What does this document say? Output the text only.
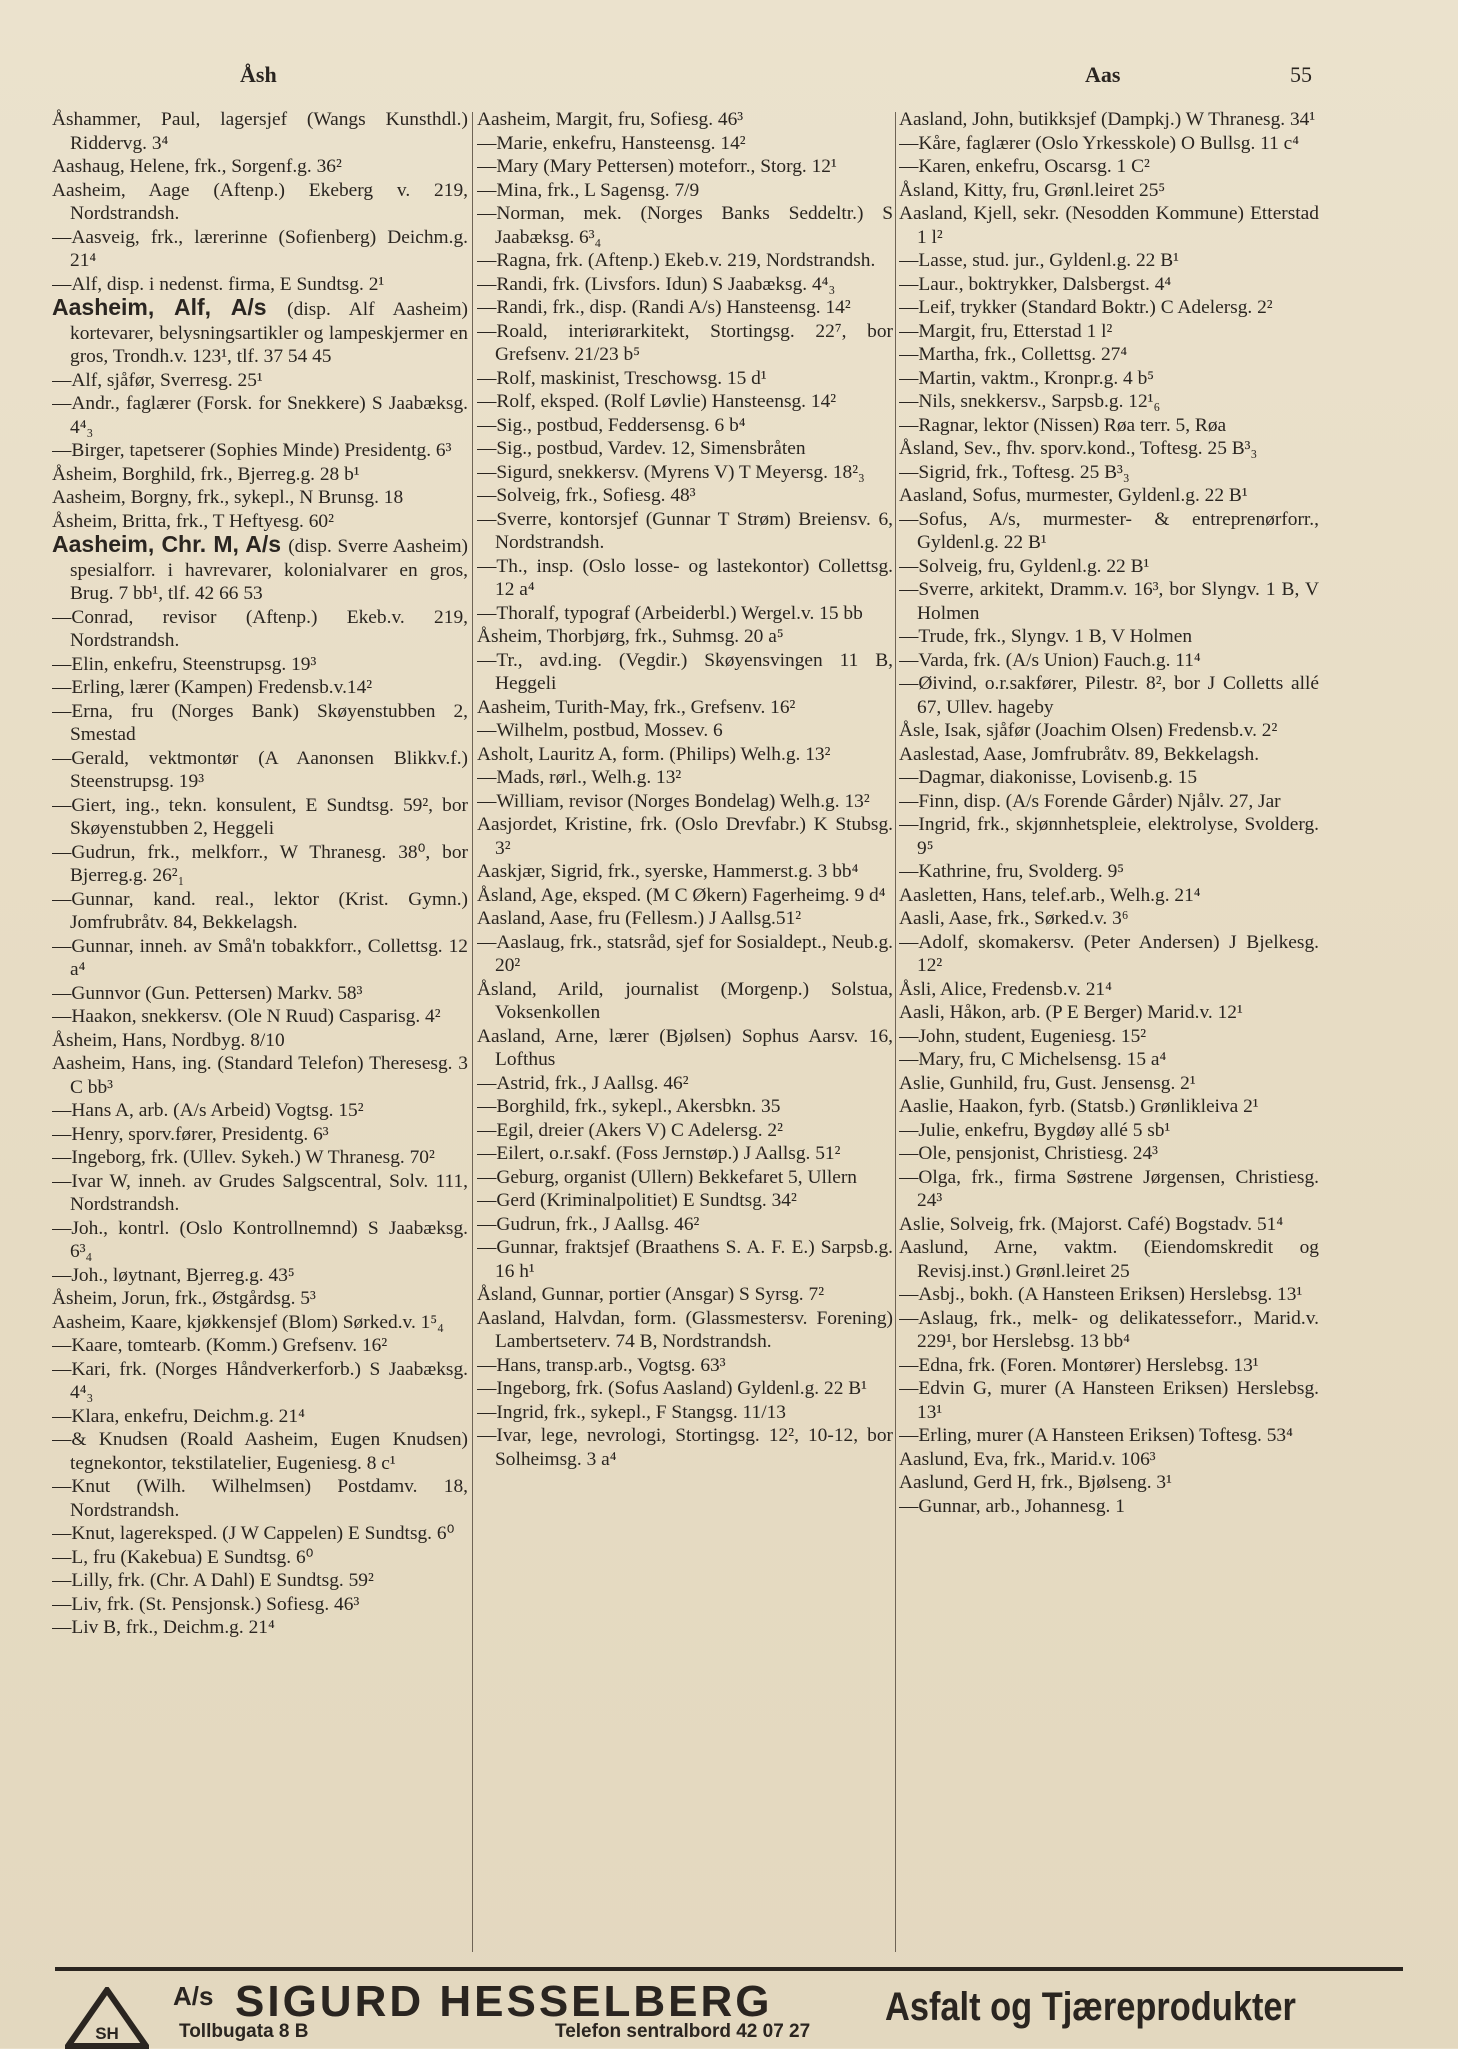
Åsh	Aas	55

Åshammer, Paul, lagersjef (Wangs Kunsthdl.) Riddervg. 3⁴

Aashaug, Helene, frk., Sorgenf.g. 36²

Aasheim, Aage (Aftenp.) Ekeberg v. 219, Nordstrandsh.

—Aasveig, frk., lærerinne (Sofienberg) Deichm.g. 21⁴

—Alf, disp. i nedenst. firma, E Sundtsg. 2¹

Aasheim, Alf, A/s (disp. Alf Aasheim) kortevarer, belysningsartikler og lampeskjermer en gros, Trondh.v. 123¹, tlf. 37 54 45

—Alf, sjåfør, Sverresg. 25¹

—Andr., faglærer (Forsk. for Snekkere) S Jaabæksg. 4⁴₃

—Birger, tapetserer (Sophies Minde) Presidentg. 6³

Åsheim, Borghild, frk., Bjerreg.g. 28 b¹

Aasheim, Borgny, frk., sykepl., N Brunsg. 18

Åsheim, Britta, frk., T Heftyesg. 60²

Aasheim, Chr. M, A/s (disp. Sverre Aasheim) spesialforr. i havrevarer, kolonialvarer en gros, Brug. 7 bb¹, tlf. 42 66 53

—Conrad, revisor (Aftenp.) Ekeb.v. 219, Nordstrandsh.

—Elin, enkefru, Steenstrupsg. 19³

—Erling, lærer (Kampen) Fredensb.v.14²

—Erna, fru (Norges Bank) Skøyenstubben 2, Smestad

—Gerald, vektmontør (A Aanonsen Blikkv.f.) Steenstrupsg. 19³

—Giert, ing., tekn. konsulent, E Sundtsg. 59², bor Skøyenstubben 2, Heggeli

—Gudrun, frk., melkforr., W Thranesg. 38⁰, bor Bjerreg.g. 26²₁

—Gunnar, kand. real., lektor (Krist. Gymn.) Jomfrubråtv. 84, Bekkelagsh.

—Gunnar, inneh. av Små'n tobakkforr., Collettsg. 12 a⁴

—Gunnvor (Gun. Pettersen) Markv. 58³

—Haakon, snekkersv. (Ole N Ruud) Casparisg. 4²

Åsheim, Hans, Nordbyg. 8/10

Aasheim, Hans, ing. (Standard Telefon) Theresesg. 3 C bb³

—Hans A, arb. (A/s Arbeid) Vogtsg. 15²

—Henry, sporv.fører, Presidentg. 6³

—Ingeborg, frk. (Ullev. Sykeh.) W Thranesg. 70²

—Ivar W, inneh. av Grudes Salgscentral, Solv. 111, Nordstrandsh.

—Joh., kontrl. (Oslo Kontrollnemnd) S Jaabæksg. 6³₄

—Joh., løytnant, Bjerreg.g. 43⁵

Åsheim, Jorun, frk., Østgårdsg. 5³

Aasheim, Kaare, kjøkkensjef (Blom) Sørked.v. 1⁵₄

—Kaare, tomtearb. (Komm.) Grefsenv. 16²

—Kari, frk. (Norges Håndverkerforb.) S Jaabæksg. 4⁴₃

—Klara, enkefru, Deichm.g. 21⁴

—& Knudsen (Roald Aasheim, Eugen Knudsen) tegnekontor, tekstilatelier, Eugeniesg. 8 c¹

—Knut (Wilh. Wilhelmsen) Postdamv. 18, Nordstrandsh.

—Knut, lagereksped. (J W Cappelen) E Sundtsg. 6⁰

—L, fru (Kakebua) E Sundtsg. 6⁰

—Lilly, frk. (Chr. A Dahl) E Sundtsg. 59²

—Liv, frk. (St. Pensjonsk.) Sofiesg. 46³

—Liv B, frk., Deichm.g. 21⁴

Aasheim, Margit, fru, Sofiesg. 46³

—Marie, enkefru, Hansteensg. 14²

—Mary (Mary Pettersen) moteforr., Storg. 12¹

—Mina, frk., L Sagensg. 7/9

—Norman, mek. (Norges Banks Seddeltr.) S Jaabæksg. 6³₄

—Ragna, frk. (Aftenp.) Ekeb.v. 219, Nordstrandsh.

—Randi, frk. (Livsfors. Idun) S Jaabæksg. 4⁴₃

—Randi, frk., disp. (Randi A/s) Hansteensg. 14²

—Roald, interiørarkitekt, Stortingsg. 22⁷, bor Grefsenv. 21/23 b⁵

—Rolf, maskinist, Treschowsg. 15 d¹

—Rolf, eksped. (Rolf Løvlie) Hansteensg. 14²

—Sig., postbud, Feddersensg. 6 b⁴

—Sig., postbud, Vardev. 12, Simensbråten

—Sigurd, snekkersv. (Myrens V) T Meyersg. 18²₃

—Solveig, frk., Sofiesg. 48³

—Sverre, kontorsjef (Gunnar T Strøm) Breiensv. 6, Nordstrandsh.

—Th., insp. (Oslo losse- og lastekontor) Collettsg. 12 a⁴

—Thoralf, typograf (Arbeiderbl.) Wergel.v. 15 bb

Åsheim, Thorbjørg, frk., Suhmsg. 20 a⁵

—Tr., avd.ing. (Vegdir.) Skøyensvingen 11 B, Heggeli

Aasheim, Turith-May, frk., Grefsenv. 16²

—Wilhelm, postbud, Mossev. 6

Asholt, Lauritz A, form. (Philips) Welh.g. 13²

—Mads, rørl., Welh.g. 13²

—William, revisor (Norges Bondelag) Welh.g. 13²

Aasjordet, Kristine, frk. (Oslo Drevfabr.) K Stubsg. 3²

Aaskjær, Sigrid, frk., syerske, Hammerst.g. 3 bb⁴

Åsland, Age, eksped. (M C Økern) Fagerheimg. 9 d⁴

Aasland, Aase, fru (Fellesm.) J Aallsg.51²

—Aaslaug, frk., statsråd, sjef for Sosialdept., Neub.g. 20²

Åsland, Arild, journalist (Morgenp.) Solstua, Voksenkollen

Aasland, Arne, lærer (Bjølsen) Sophus Aarsv. 16, Lofthus

—Astrid, frk., J Aallsg. 46²

—Borghild, frk., sykepl., Akersbkn. 35

—Egil, dreier (Akers V) C Adelersg. 2²

—Eilert, o.r.sakf. (Foss Jernstøp.) J Aallsg. 51²

—Geburg, organist (Ullern) Bekkefaret 5, Ullern

—Gerd (Kriminalpolitiet) E Sundtsg. 34²

—Gudrun, frk., J Aallsg. 46²

—Gunnar, fraktsjef (Braathens S. A. F. E.) Sarpsb.g. 16 h¹

Åsland, Gunnar, portier (Ansgar) S Syrsg. 7²

Aasland, Halvdan, form. (Glassmestersv. Forening) Lambertseterv. 74 B, Nordstrandsh.

—Hans, transp.arb., Vogtsg. 63³

—Ingeborg, frk. (Sofus Aasland) Gyldenl.g. 22 B¹

—Ingrid, frk., sykepl., F Stangsg. 11/13

—Ivar, lege, nevrologi, Stortingsg. 12², 10-12, bor Solheimsg. 3 a⁴

Aasland, John, butikksjef (Dampkj.) W Thranesg. 34¹

—Kåre, faglærer (Oslo Yrkesskole) O Bullsg. 11 c⁴

—Karen, enkefru, Oscarsg. 1 C²

Åsland, Kitty, fru, Grønl.leiret 25⁵

Aasland, Kjell, sekr. (Nesodden Kommune) Etterstad 1 l²

—Lasse, stud. jur., Gyldenl.g. 22 B¹

—Laur., boktrykker, Dalsbergst. 4⁴

—Leif, trykker (Standard Boktr.) C Adelersg. 2²

—Margit, fru, Etterstad 1 l²

—Martha, frk., Collettsg. 27⁴

—Martin, vaktm., Kronpr.g. 4 b⁵

—Nils, snekkersv., Sarpsb.g. 12¹₆

—Ragnar, lektor (Nissen) Røa terr. 5, Røa

Åsland, Sev., fhv. sporv.kond., Toftesg. 25 B³₃

—Sigrid, frk., Toftesg. 25 B³₃

Aasland, Sofus, murmester, Gyldenl.g. 22 B¹

—Sofus, A/s, murmester- & entreprenørforr., Gyldenl.g. 22 B¹

—Solveig, fru, Gyldenl.g. 22 B¹

—Sverre, arkitekt, Dramm.v. 16³, bor Slyngv. 1 B, V Holmen

—Trude, frk., Slyngv. 1 B, V Holmen

—Varda, frk. (A/s Union) Fauch.g. 11⁴

—Øivind, o.r.sakfører, Pilestr. 8², bor J Colletts allé 67, Ullev. hageby

Åsle, Isak, sjåfør (Joachim Olsen) Fredensb.v. 2²

Aaslestad, Aase, Jomfrubråtv. 89, Bekkelagsh.

—Dagmar, diakonisse, Lovisenb.g. 15

—Finn, disp. (A/s Forende Gårder) Njålv. 27, Jar

—Ingrid, frk., skjønnhetspleie, elektrolyse, Svolderg. 9⁵

—Kathrine, fru, Svolderg. 9⁵

Aasletten, Hans, telef.arb., Welh.g. 21⁴

Aasli, Aase, frk., Sørked.v. 3⁶

—Adolf, skomakersv. (Peter Andersen) J Bjelkesg. 12²

Åsli, Alice, Fredensb.v. 21⁴

Aasli, Håkon, arb. (P E Berger) Marid.v. 12¹

—John, student, Eugeniesg. 15²

—Mary, fru, C Michelsensg. 15 a⁴

Aslie, Gunhild, fru, Gust. Jensensg. 2¹

Aaslie, Haakon, fyrb. (Statsb.) Grønlikleiva 2¹

—Julie, enkefru, Bygdøy allé 5 sb¹

—Ole, pensjonist, Christiesg. 24³

—Olga, frk., firma Søstrene Jørgensen, Christiesg. 24³

Aslie, Solveig, frk. (Majorst. Café) Bogstadv. 51⁴

Aaslund, Arne, vaktm. (Eiendomskredit og Revisj.inst.) Grønl.leiret 25

—Asbj., bokh. (A Hansteen Eriksen) Herslebsg. 13¹

—Aslaug, frk., melk- og delikatesseforr., Marid.v. 229¹, bor Herslebsg. 13 bb⁴

—Edna, frk. (Foren. Montører) Herslebsg. 13¹

—Edvin G, murer (A Hansteen Eriksen) Herslebsg. 13¹

—Erling, murer (A Hansteen Eriksen) Toftesg. 53⁴

Aaslund, Eva, frk., Marid.v. 106³

Aaslund, Gerd H, frk., Bjølseng. 3¹

—Gunnar, arb., Johannesg. 1

SH
A/s SIGURD HESSELBERG
Tollbugata 8 B	Telefon sentralbord 42 07 27
Asfalt og Tjæreprodukter
